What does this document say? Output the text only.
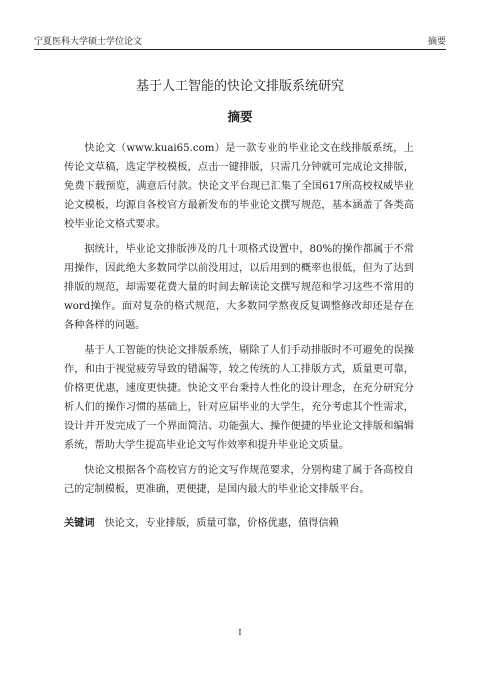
宁夏医科大学硕士学位论文	摘要
基于人工智能的快论文排版系统研究
摘要

快论文（www.kuai65.com）是一款专业的毕业论文在线排版系统，上传论文草稿，选定学校模板，点击一键排版，只需几分钟就可完成论文排版，免费下载预览，满意后付款。快论文平台现已汇集了全国617所高校权威毕业论文模板，均源自各校官方最新发布的毕业论文撰写规范，基本涵盖了各类高校毕业论文格式要求。

据统计，毕业论文排版涉及的几十项格式设置中，80%的操作都属于不常用操作，因此绝大多数同学以前没用过，以后用到的概率也很低，但为了达到排版的规范，却需要花费大量的时间去解读论文撰写规范和学习这些不常用的word操作。面对复杂的格式规范，大多数同学熬夜反复调整修改却还是存在各种各样的问题。

基于人工智能的快论文排版系统，剔除了人们手动排版时不可避免的误操作，和由于视觉疲劳导致的错漏等，较之传统的人工排版方式，质量更可靠，价格更优惠，速度更快捷。快论文平台秉持人性化的设计理念，在充分研究分析人们的操作习惯的基础上，针对应届毕业的大学生，充分考虑其个性需求，设计并开发完成了一个界面简洁、功能强大、操作便捷的毕业论文排版和编辑系统，帮助大学生提高毕业论文写作效率和提升毕业论文质量。

快论文根据各个高校官方的论文写作规范要求，分别构建了属于各高校自己的定制模板，更准确，更便捷，是国内最大的毕业论文排版平台。

关键词 快论文，专业排版，质量可靠，价格优惠，值得信赖
I
